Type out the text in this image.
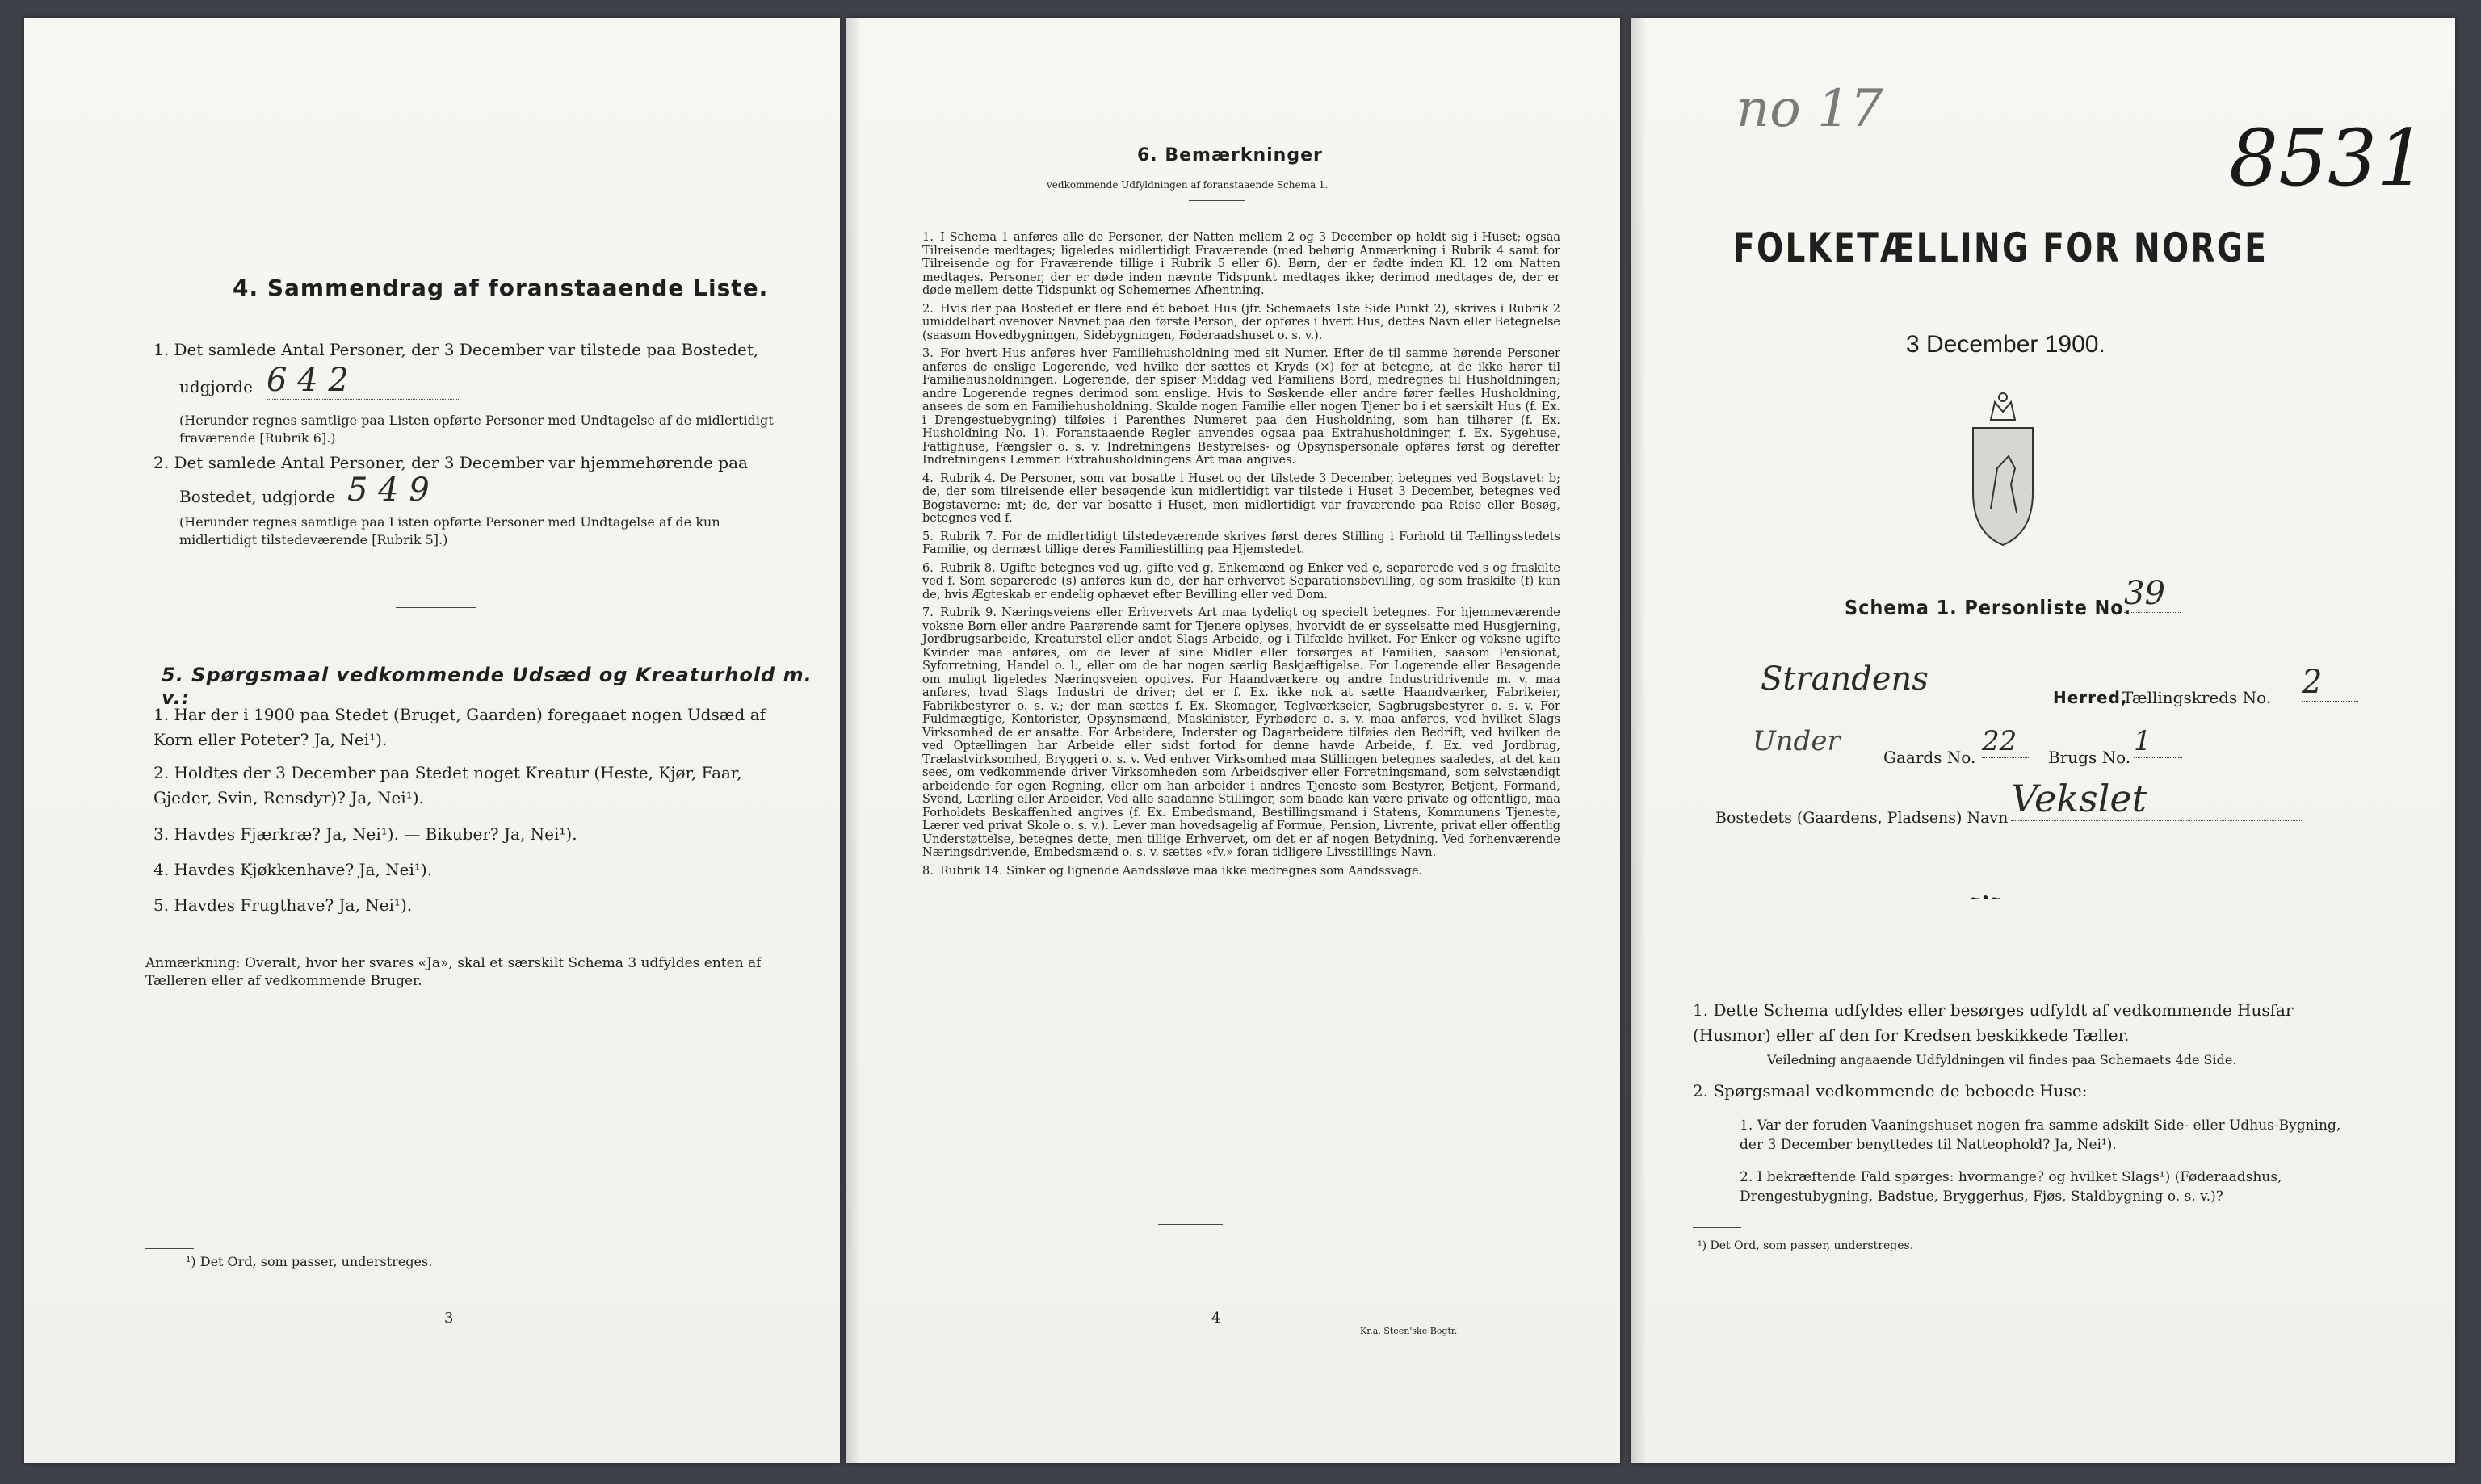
4. Sammendrag af foranstaaende Liste.
1. Det samlede Antal Personer, der 3 December var tilstede paa Bostedet,
udgjorde 6 4 2
(Herunder regnes samtlige paa Listen opførte Personer med Undtagelse af de midlertidigt fraværende [Rubrik 6].)
2. Det samlede Antal Personer, der 3 December var hjemmehørende paa
Bostedet, udgjorde 5 4 9
(Herunder regnes samtlige paa Listen opførte Personer med Undtagelse af de kun midlertidigt tilstedeværende [Rubrik 5].)
5. Spørgsmaal vedkommende Udsæd og Kreaturhold m. v.:
1. Har der i 1900 paa Stedet (Bruget, Gaarden) foregaaet nogen Udsæd af Korn eller Poteter? Ja, Nei¹).
2. Holdtes der 3 December paa Stedet noget Kreatur (Heste, Kjør, Faar, Gjeder, Svin, Rensdyr)? Ja, Nei¹).
3. Havdes Fjærkræ? Ja, Nei¹). — Bikuber? Ja, Nei¹).
4. Havdes Kjøkkenhave? Ja, Nei¹).
5. Havdes Frugthave? Ja, Nei¹).
Anmærkning: Overalt, hvor her svares «Ja», skal et særskilt Schema 3 udfyldes enten af Tælleren eller af vedkommende Bruger.
¹) Det Ord, som passer, understreges.
3
6. Bemærkninger
vedkommende Udfyldningen af foranstaaende Schema 1.
1. I Schema 1 anføres alle de Personer, der Natten mellem 2 og 3 December op holdt sig i Huset; ogsaa Tilreisende medtages; ligeledes midlertidigt Fraværende (med behørig Anmærkning i Rubrik 4 samt for Tilreisende og for Fraværende tillige i Rubrik 5 eller 6). Børn, der er fødte inden Kl. 12 om Natten medtages. Personer, der er døde inden nævnte Tidspunkt medtages ikke; derimod medtages de, der er døde mellem dette Tidspunkt og Schemernes Afhentning.
2. Hvis der paa Bostedet er flere end ét beboet Hus (jfr. Schemaets 1ste Side Punkt 2), skrives i Rubrik 2 umiddelbart ovenover Navnet paa den første Person, der opføres i hvert Hus, dettes Navn eller Betegnelse (saasom Hovedbygningen, Sidebygningen, Føderaadshuset o. s. v.).
3. For hvert Hus anføres hver Familiehusholdning med sit Numer. Efter de til samme hørende Personer anføres de enslige Logerende, ved hvilke der sættes et Kryds (×) for at betegne, at de ikke hører til Familiehusholdningen. Logerende, der spiser Middag ved Familiens Bord, medregnes til Husholdningen; andre Logerende regnes derimod som enslige. Hvis to Søskende eller andre fører fælles Husholdning, ansees de som en Familiehusholdning. Skulde nogen Familie eller nogen Tjener bo i et særskilt Hus (f. Ex. i Drengestuebygning) tilføies i Parenthes Numeret paa den Husholdning, som han tilhører (f. Ex. Husholdning No. 1). Foranstaaende Regler anvendes ogsaa paa Extrahusholdninger, f. Ex. Sygehuse, Fattighuse, Fængsler o. s. v. Indretningens Bestyrelses- og Opsynspersonale opføres først og derefter Indretningens Lemmer. Extrahusholdningens Art maa angives.
4. Rubrik 4. De Personer, som var bosatte i Huset og der tilstede 3 December, betegnes ved Bogstavet: b; de, der som tilreisende eller besøgende kun midlertidigt var tilstede i Huset 3 December, betegnes ved Bogstaverne: mt; de, der var bosatte i Huset, men midlertidigt var fraværende paa Reise eller Besøg, betegnes ved f.
5. Rubrik 7. For de midlertidigt tilstedeværende skrives først deres Stilling i Forhold til Tællingsstedets Familie, og dernæst tillige deres Familiestilling paa Hjemstedet.
6. Rubrik 8. Ugifte betegnes ved ug, gifte ved g, Enkemænd og Enker ved e, separerede ved s og fraskilte ved f. Som separerede (s) anføres kun de, der har erhvervet Separationsbevilling, og som fraskilte (f) kun de, hvis Ægteskab er endelig ophævet efter Bevilling eller ved Dom.
7. Rubrik 9. Næringsveiens eller Erhvervets Art maa tydeligt og specielt betegnes. For hjemmeværende voksne Børn eller andre Paarørende samt for Tjenere oplyses, hvorvidt de er sysselsatte med Husgjerning, Jordbrugsarbeide, Kreaturstel eller andet Slags Arbeide, og i Tilfælde hvilket. For Enker og voksne ugifte Kvinder maa anføres, om de lever af sine Midler eller forsørges af Familien, saasom Pensionat, Syforretning, Handel o. l., eller om de har nogen særlig Beskjæftigelse. For Logerende eller Besøgende om muligt ligeledes Næringsveien opgives. For Haandværkere og andre Industridrivende m. v. maa anføres, hvad Slags Industri de driver; det er f. Ex. ikke nok at sætte Haandværker, Fabrikeier, Fabrikbestyrer o. s. v.; der man sættes f. Ex. Skomager, Teglværkseier, Sagbrugsbestyrer o. s. v. For Fuldmægtige, Kontorister, Opsynsmænd, Maskinister, Fyrbødere o. s. v. maa anføres, ved hvilket Slags Virksomhed de er ansatte. For Arbeidere, Inderster og Dagarbeidere tilføies den Bedrift, ved hvilken de ved Optællingen har Arbeide eller sidst fortod for denne havde Arbeide, f. Ex. ved Jordbrug, Trælastvirksomhed, Bryggeri o. s. v. Ved enhver Virksomhed maa Stillingen betegnes saaledes, at det kan sees, om vedkommende driver Virksomheden som Arbeidsgiver eller Forretningsmand, som selvstændigt arbeidende for egen Regning, eller om han arbeider i andres Tjeneste som Bestyrer, Betjent, Formand, Svend, Lærling eller Arbeider. Ved alle saadanne Stillinger, som baade kan være private og offentlige, maa Forholdets Beskaffenhed angives (f. Ex. Embedsmand, Bestillingsmand i Statens, Kommunens Tjeneste, Lærer ved privat Skole o. s. v.). Lever man hovedsagelig af Formue, Pension, Livrente, privat eller offentlig Understøttelse, betegnes dette, men tillige Erhvervet, om det er af nogen Betydning. Ved forhenværende Næringsdrivende, Embedsmænd o. s. v. sættes «fv.» foran tidligere Livsstillings Navn.
8. Rubrik 14. Sinker og lignende Aandssløve maa ikke medregnes som Aandssvage.
4
Kr.a. Steen'ske Bogtr.
no 17
8531
FOLKETÆLLING FOR NORGE
3 December 1900.
Schema 1. Personliste No.
39
Strandens	Herred,
Tællingskreds No. 2
Under	Gaards No. 22	Brugs No. 1
Bostedets (Gaardens, Pladsens) Navn Vekslet
~•~
1. Dette Schema udfyldes eller besørges udfyldt af vedkommende Husfar (Husmor) eller af den for Kredsen beskikkede Tæller.
Veiledning angaaende Udfyldningen vil findes paa Schemaets 4de Side.
2. Spørgsmaal vedkommende de beboede Huse:
1. Var der foruden Vaaningshuset nogen fra samme adskilt Side- eller Udhus-Bygning, der 3 December benyttedes til Natteophold? Ja, Nei¹).
2. I bekræftende Fald spørges: hvormange? og hvilket Slags¹) (Føderaadshus, Drengestubygning, Badstue, Bryggerhus, Fjøs, Staldbygning o. s. v.)?
¹) Det Ord, som passer, understreges.
